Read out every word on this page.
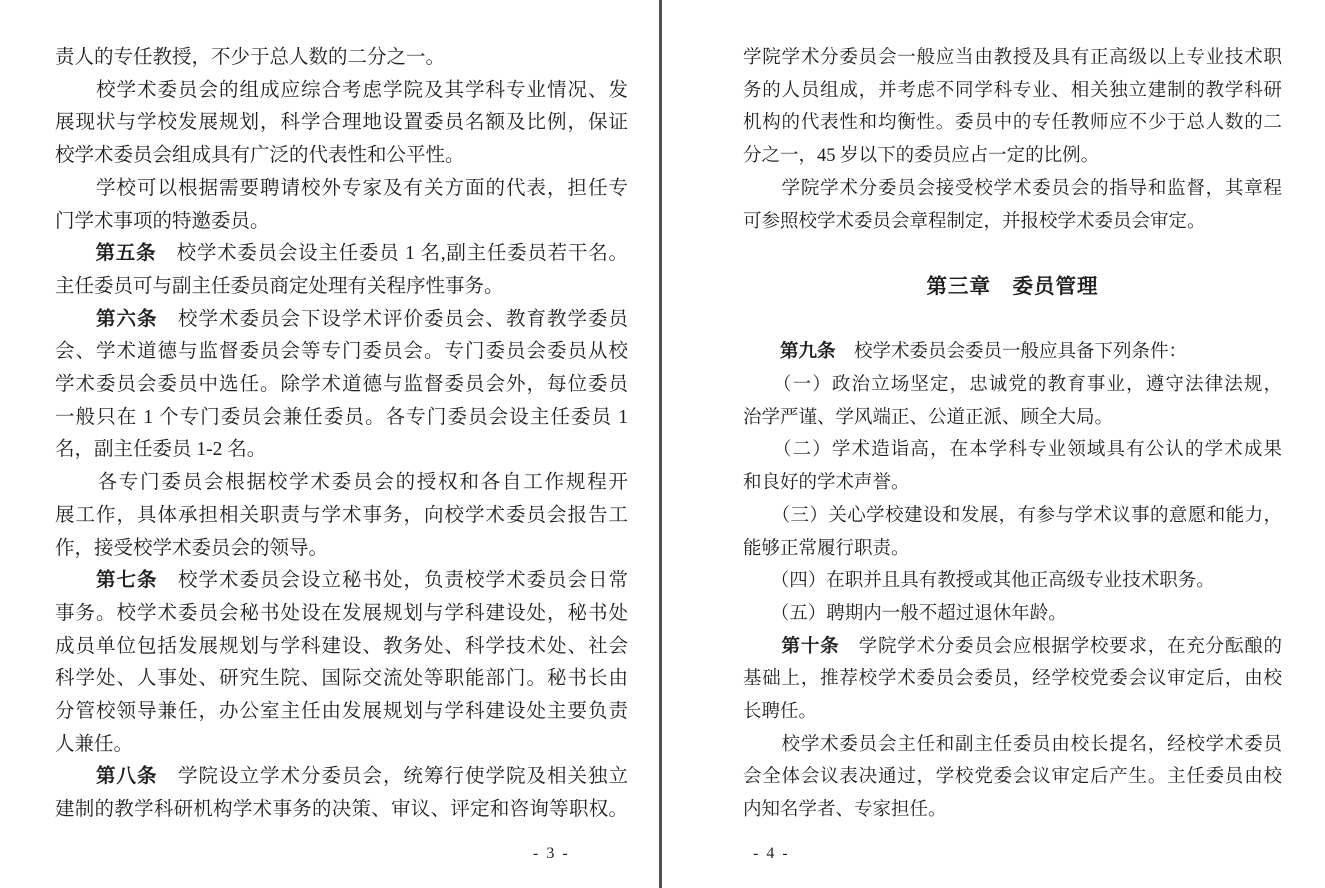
责人的专任教授，不少于总人数的二分之一。
　　校学术委员会的组成应综合考虑学院及其学科专业情况、发
展现状与学校发展规划，科学合理地设置委员名额及比例，保证
校学术委员会组成具有广泛的代表性和公平性。
　　学校可以根据需要聘请校外专家及有关方面的代表，担任专
门学术事项的特邀委员。
　　第五条　校学术委员会设主任委员 1 名,副主任委员若干名。
主任委员可与副主任委员商定处理有关程序性事务。
　　第六条　校学术委员会下设学术评价委员会、教育教学委员
会、学术道德与监督委员会等专门委员会。专门委员会委员从校
学术委员会委员中选任。除学术道德与监督委员会外，每位委员
一般只在 1 个专门委员会兼任委员。各专门委员会设主任委员 1
名，副主任委员 1-2 名。
　　各专门委员会根据校学术委员会的授权和各自工作规程开
展工作，具体承担相关职责与学术事务，向校学术委员会报告工
作，接受校学术委员会的领导。
　　第七条　校学术委员会设立秘书处，负责校学术委员会日常
事务。校学术委员会秘书处设在发展规划与学科建设处，秘书处
成员单位包括发展规划与学科建设、教务处、科学技术处、社会
科学处、人事处、研究生院、国际交流处等职能部门。秘书长由
分管校领导兼任，办公室主任由发展规划与学科建设处主要负责
人兼任。
　　第八条　学院设立学术分委员会，统筹行使学院及相关独立
建制的教学科研机构学术事务的决策、审议、评定和咨询等职权。
- 3 -
学院学术分委员会一般应当由教授及具有正高级以上专业技术职
务的人员组成，并考虑不同学科专业、相关独立建制的教学科研
机构的代表性和均衡性。委员中的专任教师应不少于总人数的二
分之一，45 岁以下的委员应占一定的比例。
　　学院学术分委员会接受校学术委员会的指导和监督，其章程
可参照校学术委员会章程制定，并报校学术委员会审定。
第三章　委员管理
　　第九条　校学术委员会委员一般应具备下列条件：
　　（一）政治立场坚定，忠诚党的教育事业，遵守法律法规，
治学严谨、学风端正、公道正派、顾全大局。
　　（二）学术造诣高，在本学科专业领域具有公认的学术成果
和良好的学术声誉。
　　（三）关心学校建设和发展，有参与学术议事的意愿和能力，
能够正常履行职责。
　　（四）在职并且具有教授或其他正高级专业技术职务。
　　（五）聘期内一般不超过退休年龄。
　　第十条　学院学术分委员会应根据学校要求，在充分酝酿的
基础上，推荐校学术委员会委员，经学校党委会议审定后，由校
长聘任。
　　校学术委员会主任和副主任委员由校长提名，经校学术委员
会全体会议表决通过，学校党委会议审定后产生。主任委员由校
内知名学者、专家担任。
- 4 -
